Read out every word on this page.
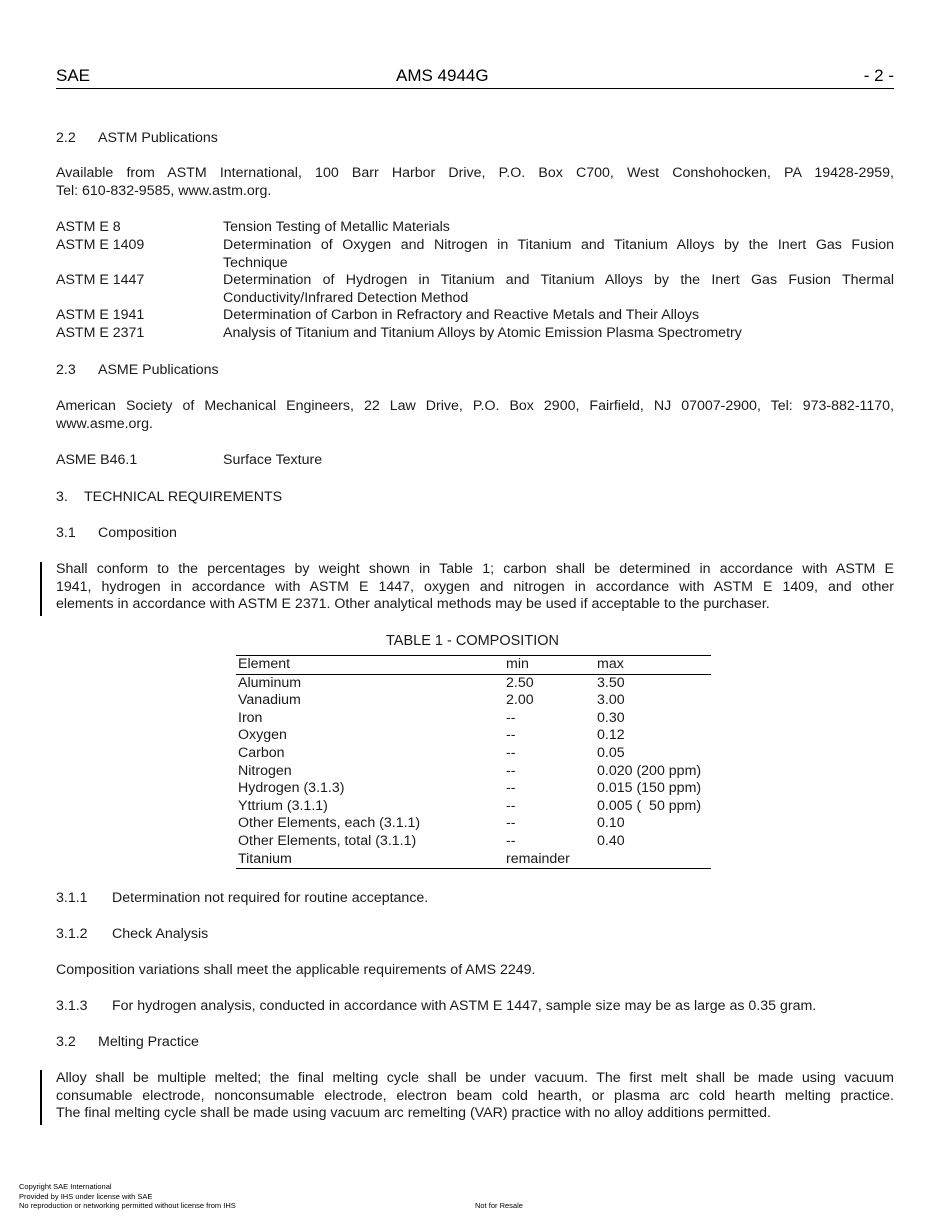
SAE	AMS 4944G	- 2 -
2.2 ASTM Publications
Available from ASTM International, 100 Barr Harbor Drive, P.O. Box C700, West Conshohocken, PA 19428-2959,
Tel: 610-832-9585, www.astm.org.
ASTM E 8	Tension Testing of Metallic Materials
ASTM E 1409	Determination of Oxygen and Nitrogen in Titanium and Titanium Alloys by the Inert Gas Fusion
Technique
ASTM E 1447	Determination of Hydrogen in Titanium and Titanium Alloys by the Inert Gas Fusion Thermal
Conductivity/Infrared Detection Method
ASTM E 1941	Determination of Carbon in Refractory and Reactive Metals and Their Alloys
ASTM E 2371	Analysis of Titanium and Titanium Alloys by Atomic Emission Plasma Spectrometry
2.3 ASME Publications
American Society of Mechanical Engineers, 22 Law Drive, P.O. Box 2900, Fairfield, NJ 07007-2900, Tel: 973-882-1170,
www.asme.org.
ASME B46.1	Surface Texture
3. TECHNICAL REQUIREMENTS
3.1 Composition
Shall conform to the percentages by weight shown in Table 1; carbon shall be determined in accordance with ASTM E
1941, hydrogen in accordance with ASTM E 1447, oxygen and nitrogen in accordance with ASTM E 1409, and other
elements in accordance with ASTM E 2371. Other analytical methods may be used if acceptable to the purchaser.
TABLE 1 - COMPOSITION
Element	min	max
Aluminum	2.50	3.50
Vanadium	2.00	3.00
Iron	--	0.30
Oxygen	--	0.12
Carbon	--	0.05
Nitrogen	--	0.020 (200 ppm)
Hydrogen (3.1.3)	--	0.015 (150 ppm)
Yttrium (3.1.1)	--	0.005 (  50 ppm)
Other Elements, each (3.1.1)	--	0.10
Other Elements, total (3.1.1)	--	0.40
Titanium	remainder	
3.1.1 Determination not required for routine acceptance.
3.1.2 Check Analysis
Composition variations shall meet the applicable requirements of AMS 2249.
3.1.3 For hydrogen analysis, conducted in accordance with ASTM E 1447, sample size may be as large as 0.35 gram.
3.2 Melting Practice
Alloy shall be multiple melted; the final melting cycle shall be under vacuum. The first melt shall be made using vacuum
consumable electrode, nonconsumable electrode, electron beam cold hearth, or plasma arc cold hearth melting practice.
The final melting cycle shall be made using vacuum arc remelting (VAR) practice with no alloy additions permitted.
Copyright SAE International
Provided by IHS under license with SAE
No reproduction or networking permitted without license from IHS	Not for Resale
